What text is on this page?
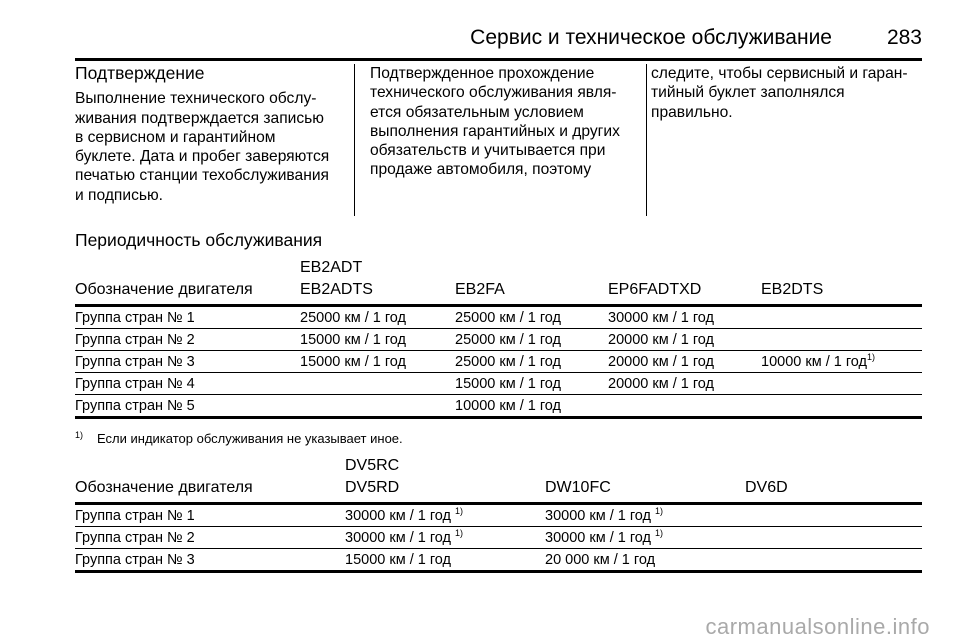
Сервис и техническое обслуживание	283
Подтверждение

Выполнение технического обслу-
живания подтверждается записью
в сервисном и гарантийном
буклете. Дата и пробег заверяются
печатью станции техобслуживания
и подписью.

Подтвержденное прохождение
технического обслуживания явля-
ется обязательным условием
выполнения гарантийных и других
обязательств и учитывается при
продаже автомобиля, поэтому

следите, чтобы сервисный и гаран-
тийный буклет заполнялся
правильно.

Периодичность обслуживания
Обозначение двигателя	EB2ADT
EB2ADTS	EB2FA	EP6FADTXD	EB2DTS

Группа стран № 1	25000 км / 1 год	25000 км / 1 год	30000 км / 1 год	
Группа стран № 2	15000 км / 1 год	25000 км / 1 год	20000 км / 1 год	
Группа стран № 3	15000 км / 1 год	25000 км / 1 год	20000 км / 1 год	10000 км / 1 год$^{1)}$
Группа стран № 4		15000 км / 1 год	20000 км / 1 год	
Группа стран № 5		10000 км / 1 год		
$^{1)}$ Если индикатор обслуживания не указывает иное.
Обозначение двигателя	DV5RC
DV5RD	DW10FC	DV6D

Группа стран № 1	30000 км / 1 год $^{1)}$	30000 км / 1 год $^{1)}$	
Группа стран № 2	30000 км / 1 год $^{1)}$	30000 км / 1 год $^{1)}$	
Группа стран № 3	15000 км / 1 год	20 000 км / 1 год	
carmanualsonline.info
